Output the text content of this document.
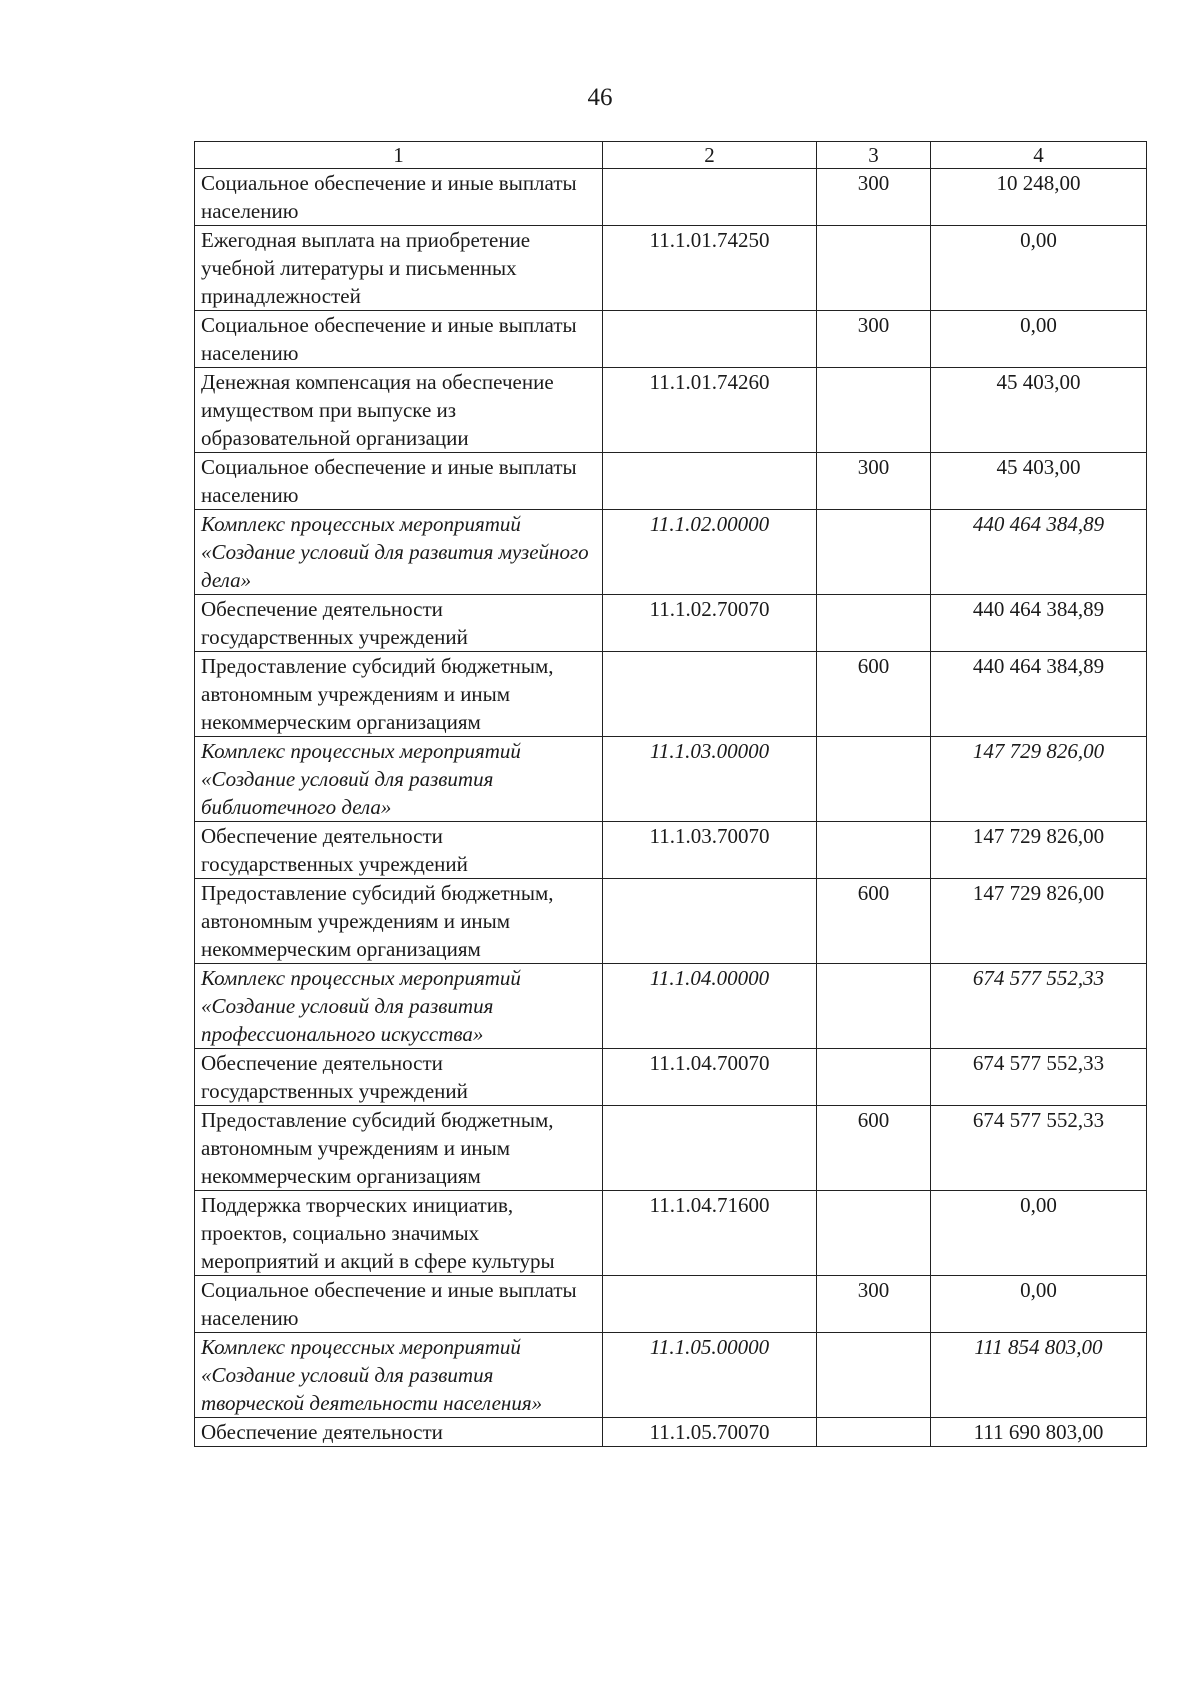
46
1	2	3	4
Социальное обеспечение и иные выплаты населению		300	10 248,00
Ежегодная выплата на приобретение учебной литературы и письменных принадлежностей	11.1.01.74250		0,00
Социальное обеспечение и иные выплаты населению		300	0,00
Денежная компенсация на обеспечение имуществом при выпуске из образовательной организации	11.1.01.74260		45 403,00
Социальное обеспечение и иные выплаты населению		300	45 403,00
Комплекс процессных мероприятий «Создание условий для развития музейного дела»	11.1.02.00000		440 464 384,89
Обеспечение деятельности государственных учреждений	11.1.02.70070		440 464 384,89
Предоставление субсидий бюджетным, автономным учреждениям и иным некоммерческим организациям		600	440 464 384,89
Комплекс процессных мероприятий «Создание условий для развития библиотечного дела»	11.1.03.00000		147 729 826,00
Обеспечение деятельности государственных учреждений	11.1.03.70070		147 729 826,00
Предоставление субсидий бюджетным, автономным учреждениям и иным некоммерческим организациям		600	147 729 826,00
Комплекс процессных мероприятий «Создание условий для развития профессионального искусства»	11.1.04.00000		674 577 552,33
Обеспечение деятельности государственных учреждений	11.1.04.70070		674 577 552,33
Предоставление субсидий бюджетным, автономным учреждениям и иным некоммерческим организациям		600	674 577 552,33
Поддержка творческих инициатив, проектов, социально значимых мероприятий и акций в сфере культуры	11.1.04.71600		0,00
Социальное обеспечение и иные выплаты населению		300	0,00
Комплекс процессных мероприятий «Создание условий для развития творческой деятельности населения»	11.1.05.00000		111 854 803,00
Обеспечение деятельности	11.1.05.70070		111 690 803,00
